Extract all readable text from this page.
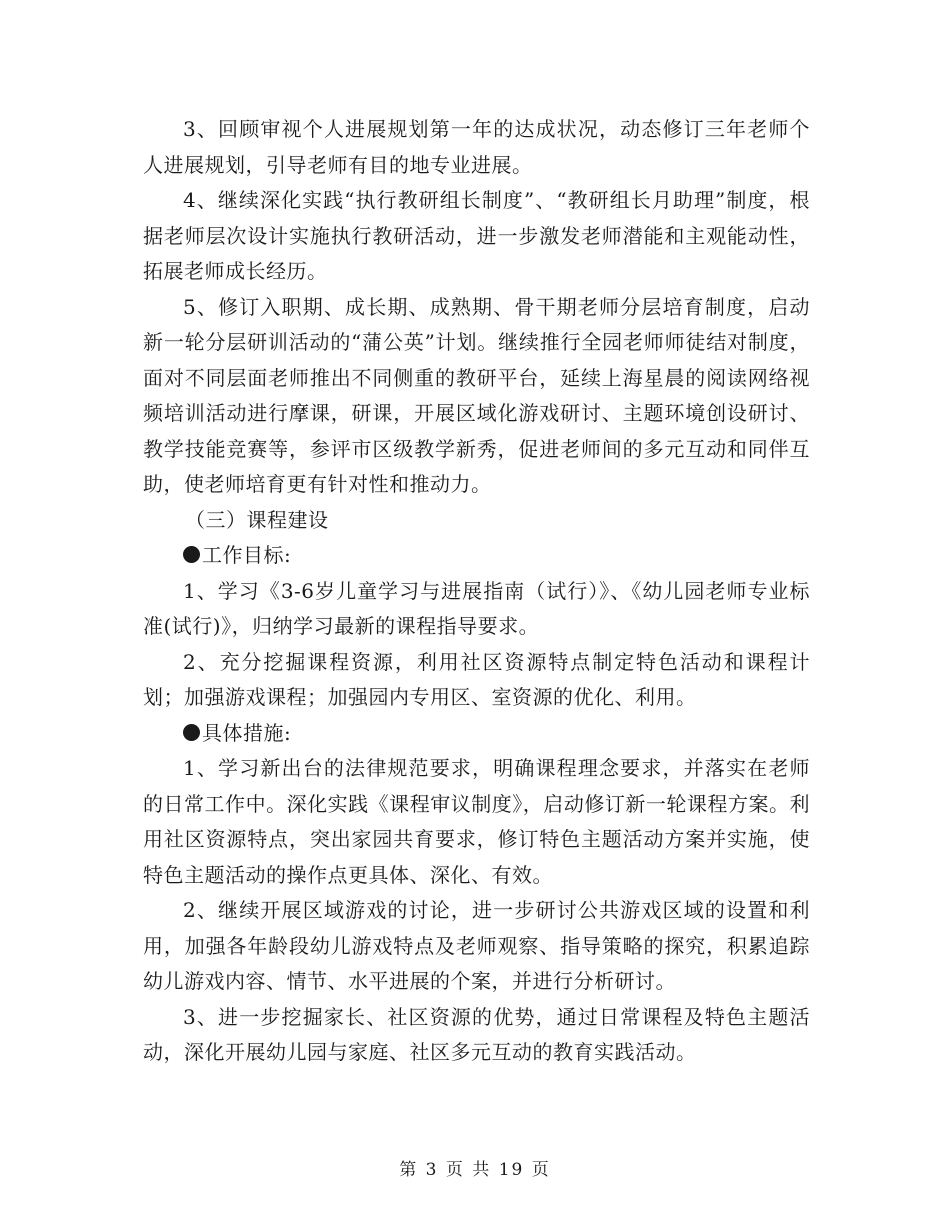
3、回顾审视个人进展规划第一年的达成状况，动态修订三年老师个人进展规划，引导老师有目的地专业进展。

4、继续深化实践“执行教研组长制度”、“教研组长月助理”制度，根据老师层次设计实施执行教研活动，进一步激发老师潜能和主观能动性，拓展老师成长经历。

5、修订入职期、成长期、成熟期、骨干期老师分层培育制度，启动新一轮分层研训活动的“蒲公英”计划。继续推行全园老师师徒结对制度，面对不同层面老师推出不同侧重的教研平台，延续上海星晨的阅读网络视频培训活动进行摩课，研课，开展区域化游戏研讨、主题环境创设研讨、教学技能竞赛等，参评市区级教学新秀，促进老师间的多元互动和同伴互助，使老师培育更有针对性和推动力。

（三）课程建设

工作目标:

1、学习《3-6岁儿童学习与进展指南（试行）》、《幼儿园老师专业标准(试行)》，归纳学习最新的课程指导要求。

2、充分挖掘课程资源，利用社区资源特点制定特色活动和课程计划；加强游戏课程；加强园内专用区、室资源的优化、利用。

具体措施:

1、学习新出台的法律规范要求，明确课程理念要求，并落实在老师的日常工作中。深化实践《课程审议制度》，启动修订新一轮课程方案。利用社区资源特点，突出家园共育要求，修订特色主题活动方案并实施，使特色主题活动的操作点更具体、深化、有效。

2、继续开展区域游戏的讨论，进一步研讨公共游戏区域的设置和利用，加强各年龄段幼儿游戏特点及老师观察、指导策略的探究，积累追踪幼儿游戏内容、情节、水平进展的个案，并进行分析研讨。

3、进一步挖掘家长、社区资源的优势，通过日常课程及特色主题活动，深化开展幼儿园与家庭、社区多元互动的教育实践活动。

第 3 页 共 19 页
